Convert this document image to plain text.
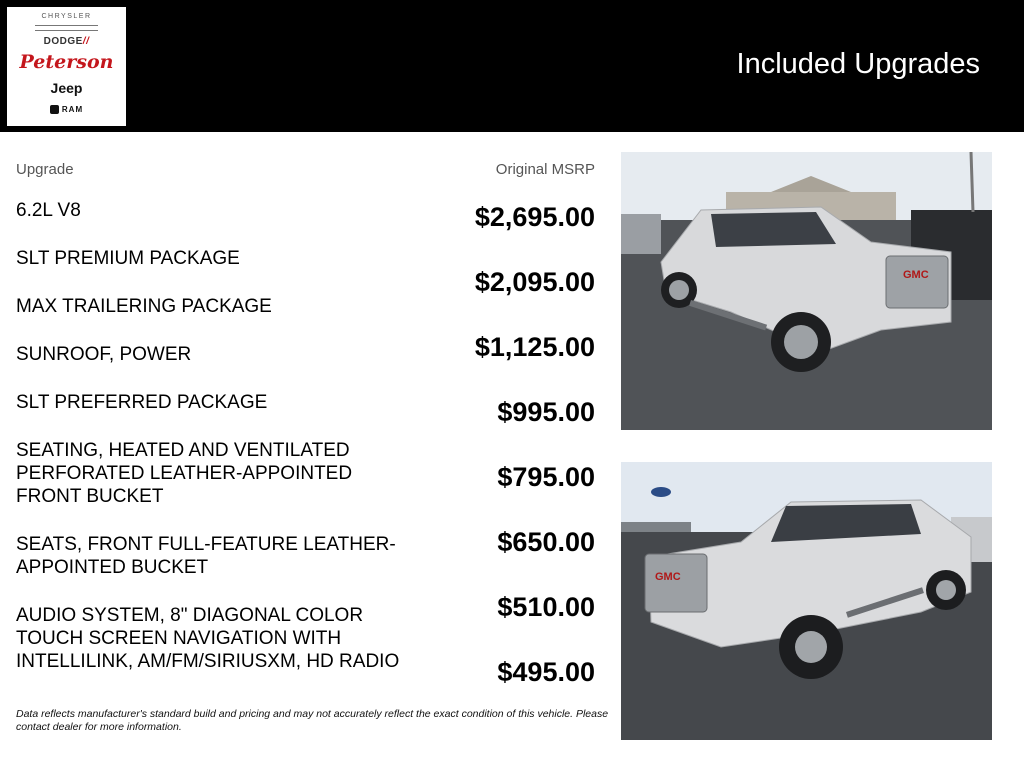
CHRYSLER
DODGE//
Peterson
Jeep
RAM
Included Upgrades
Upgrade	Original MSRP
6.2L V8
SLT PREMIUM PACKAGE
MAX TRAILERING PACKAGE
SUNROOF, POWER
SLT PREFERRED PACKAGE
SEATING, HEATED AND VENTILATED PERFORATED LEATHER-APPOINTED FRONT BUCKET
SEATS, FRONT FULL-FEATURE LEATHER-APPOINTED BUCKET
AUDIO SYSTEM, 8" DIAGONAL COLOR TOUCH SCREEN NAVIGATION WITH INTELLILINK, AM/FM/SIRIUSXM, HD RADIO
$2,695.00
$2,095.00
$1,125.00
$995.00
$795.00
$650.00
$510.00
$495.00
Data reflects manufacturer's standard build and pricing and may not accurately reflect the exact condition of this vehicle. Please contact dealer for more information.
GMC
GMC
